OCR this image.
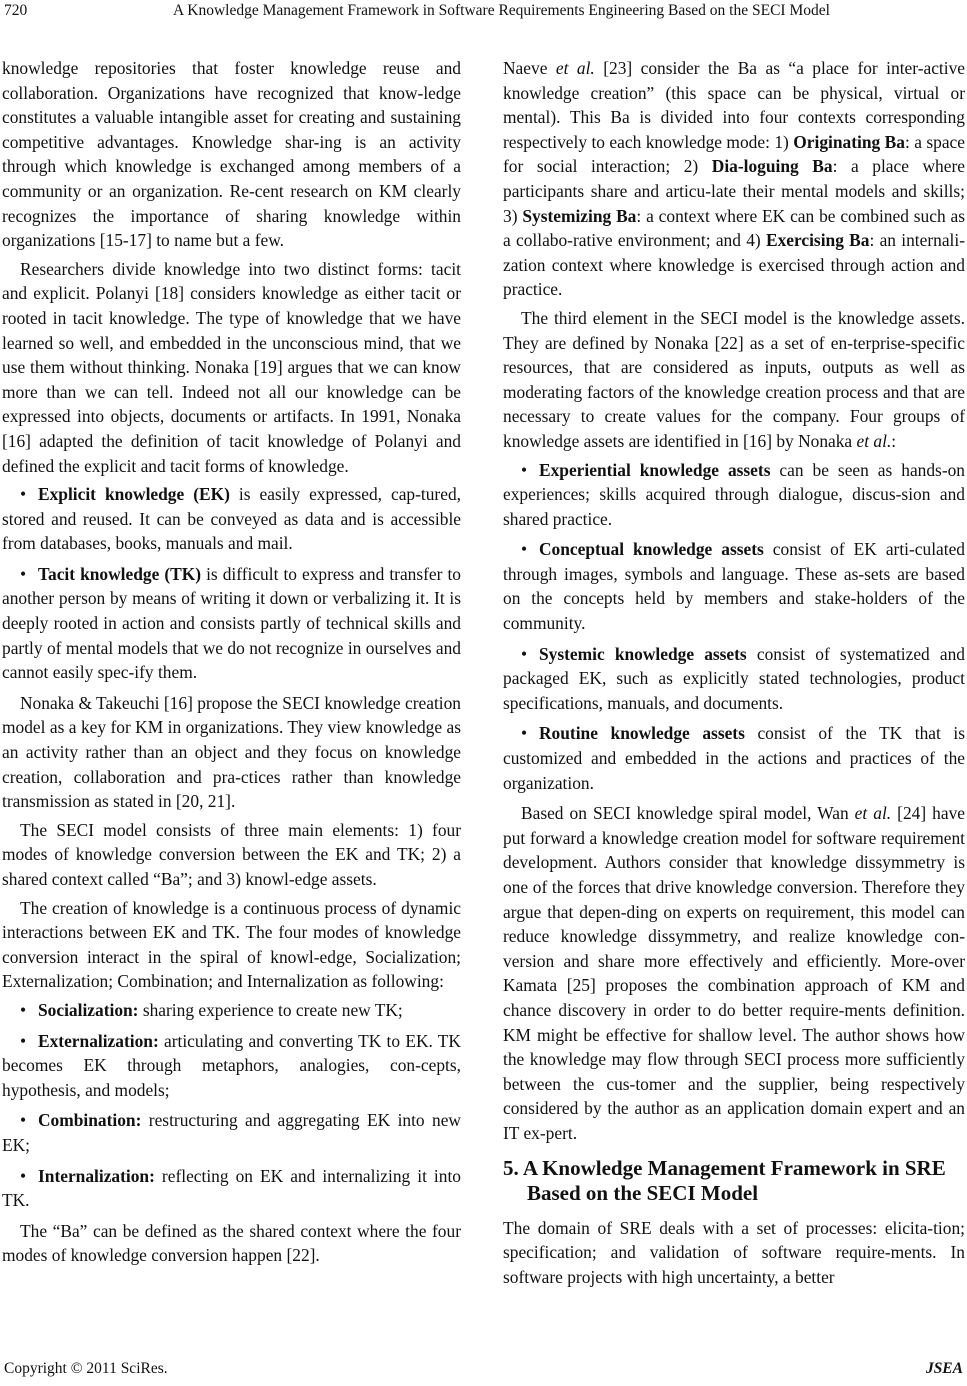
720	A Knowledge Management Framework in Software Requirements Engineering Based on the SECI Model

knowledge repositories that foster knowledge reuse and collaboration. Organizations have recognized that know-ledge constitutes a valuable intangible asset for creating and sustaining competitive advantages. Knowledge shar-ing is an activity through which knowledge is exchanged among members of a community or an organization. Re-cent research on KM clearly recognizes the importance of sharing knowledge within organizations [15-17] to name but a few.

Researchers divide knowledge into two distinct forms: tacit and explicit. Polanyi [18] considers knowledge as either tacit or rooted in tacit knowledge. The type of knowledge that we have learned so well, and embedded in the unconscious mind, that we use them without thinking. Nonaka [19] argues that we can know more than we can tell. Indeed not all our knowledge can be expressed into objects, documents or artifacts. In 1991, Nonaka [16] adapted the definition of tacit knowledge of Polanyi and defined the explicit and tacit forms of knowledge.

• Explicit knowledge (EK) is easily expressed, cap-tured, stored and reused. It can be conveyed as data and is accessible from databases, books, manuals and mail.

• Tacit knowledge (TK) is difficult to express and transfer to another person by means of writing it down or verbalizing it. It is deeply rooted in action and consists partly of technical skills and partly of mental models that we do not recognize in ourselves and cannot easily spec-ify them.

Nonaka & Takeuchi [16] propose the SECI knowledge creation model as a key for KM in organizations. They view knowledge as an activity rather than an object and they focus on knowledge creation, collaboration and pra-ctices rather than knowledge transmission as stated in [20, 21].

The SECI model consists of three main elements: 1) four modes of knowledge conversion between the EK and TK; 2) a shared context called “Ba”; and 3) knowl-edge assets.

The creation of knowledge is a continuous process of dynamic interactions between EK and TK. The four modes of knowledge conversion interact in the spiral of knowl-edge, Socialization; Externalization; Combination; and Internalization as following:

• Socialization: sharing experience to create new TK;

• Externalization: articulating and converting TK to EK. TK becomes EK through metaphors, analogies, con-cepts, hypothesis, and models;

• Combination: restructuring and aggregating EK into new EK;

• Internalization: reflecting on EK and internalizing it into TK.

The “Ba” can be defined as the shared context where the four modes of knowledge conversion happen [22].

Naeve et al. [23] consider the Ba as “a place for inter-active knowledge creation” (this space can be physical, virtual or mental). This Ba is divided into four contexts corresponding respectively to each knowledge mode: 1) Originating Ba: a space for social interaction; 2) Dia-loguing Ba: a place where participants share and articu-late their mental models and skills; 3) Systemizing Ba: a context where EK can be combined such as a collabo-rative environment; and 4) Exercising Ba: an internali-zation context where knowledge is exercised through action and practice.

The third element in the SECI model is the knowledge assets. They are defined by Nonaka [22] as a set of en-terprise-specific resources, that are considered as inputs, outputs as well as moderating factors of the knowledge creation process and that are necessary to create values for the company. Four groups of knowledge assets are identified in [16] by Nonaka et al.:

• Experiential knowledge assets can be seen as hands-on experiences; skills acquired through dialogue, discus-sion and shared practice.

• Conceptual knowledge assets consist of EK arti-culated through images, symbols and language. These as-sets are based on the concepts held by members and stake-holders of the community.

• Systemic knowledge assets consist of systematized and packaged EK, such as explicitly stated technologies, product specifications, manuals, and documents.

• Routine knowledge assets consist of the TK that is customized and embedded in the actions and practices of the organization.

Based on SECI knowledge spiral model, Wan et al. [24] have put forward a knowledge creation model for software requirement development. Authors consider that knowledge dissymmetry is one of the forces that drive knowledge conversion. Therefore they argue that depen-ding on experts on requirement, this model can reduce knowledge dissymmetry, and realize knowledge con-version and share more effectively and efficiently. More-over Kamata [25] proposes the combination approach of KM and chance discovery in order to do better require-ments definition. KM might be effective for shallow level. The author shows how the knowledge may flow through SECI process more sufficiently between the cus-tomer and the supplier, being respectively considered by the author as an application domain expert and an IT ex-pert.

5. A Knowledge Management Framework in SRE Based on the SECI Model

The domain of SRE deals with a set of processes: elicita-tion; specification; and validation of software require-ments. In software projects with high uncertainty, a better

Copyright © 2011 SciRes.	JSEA
